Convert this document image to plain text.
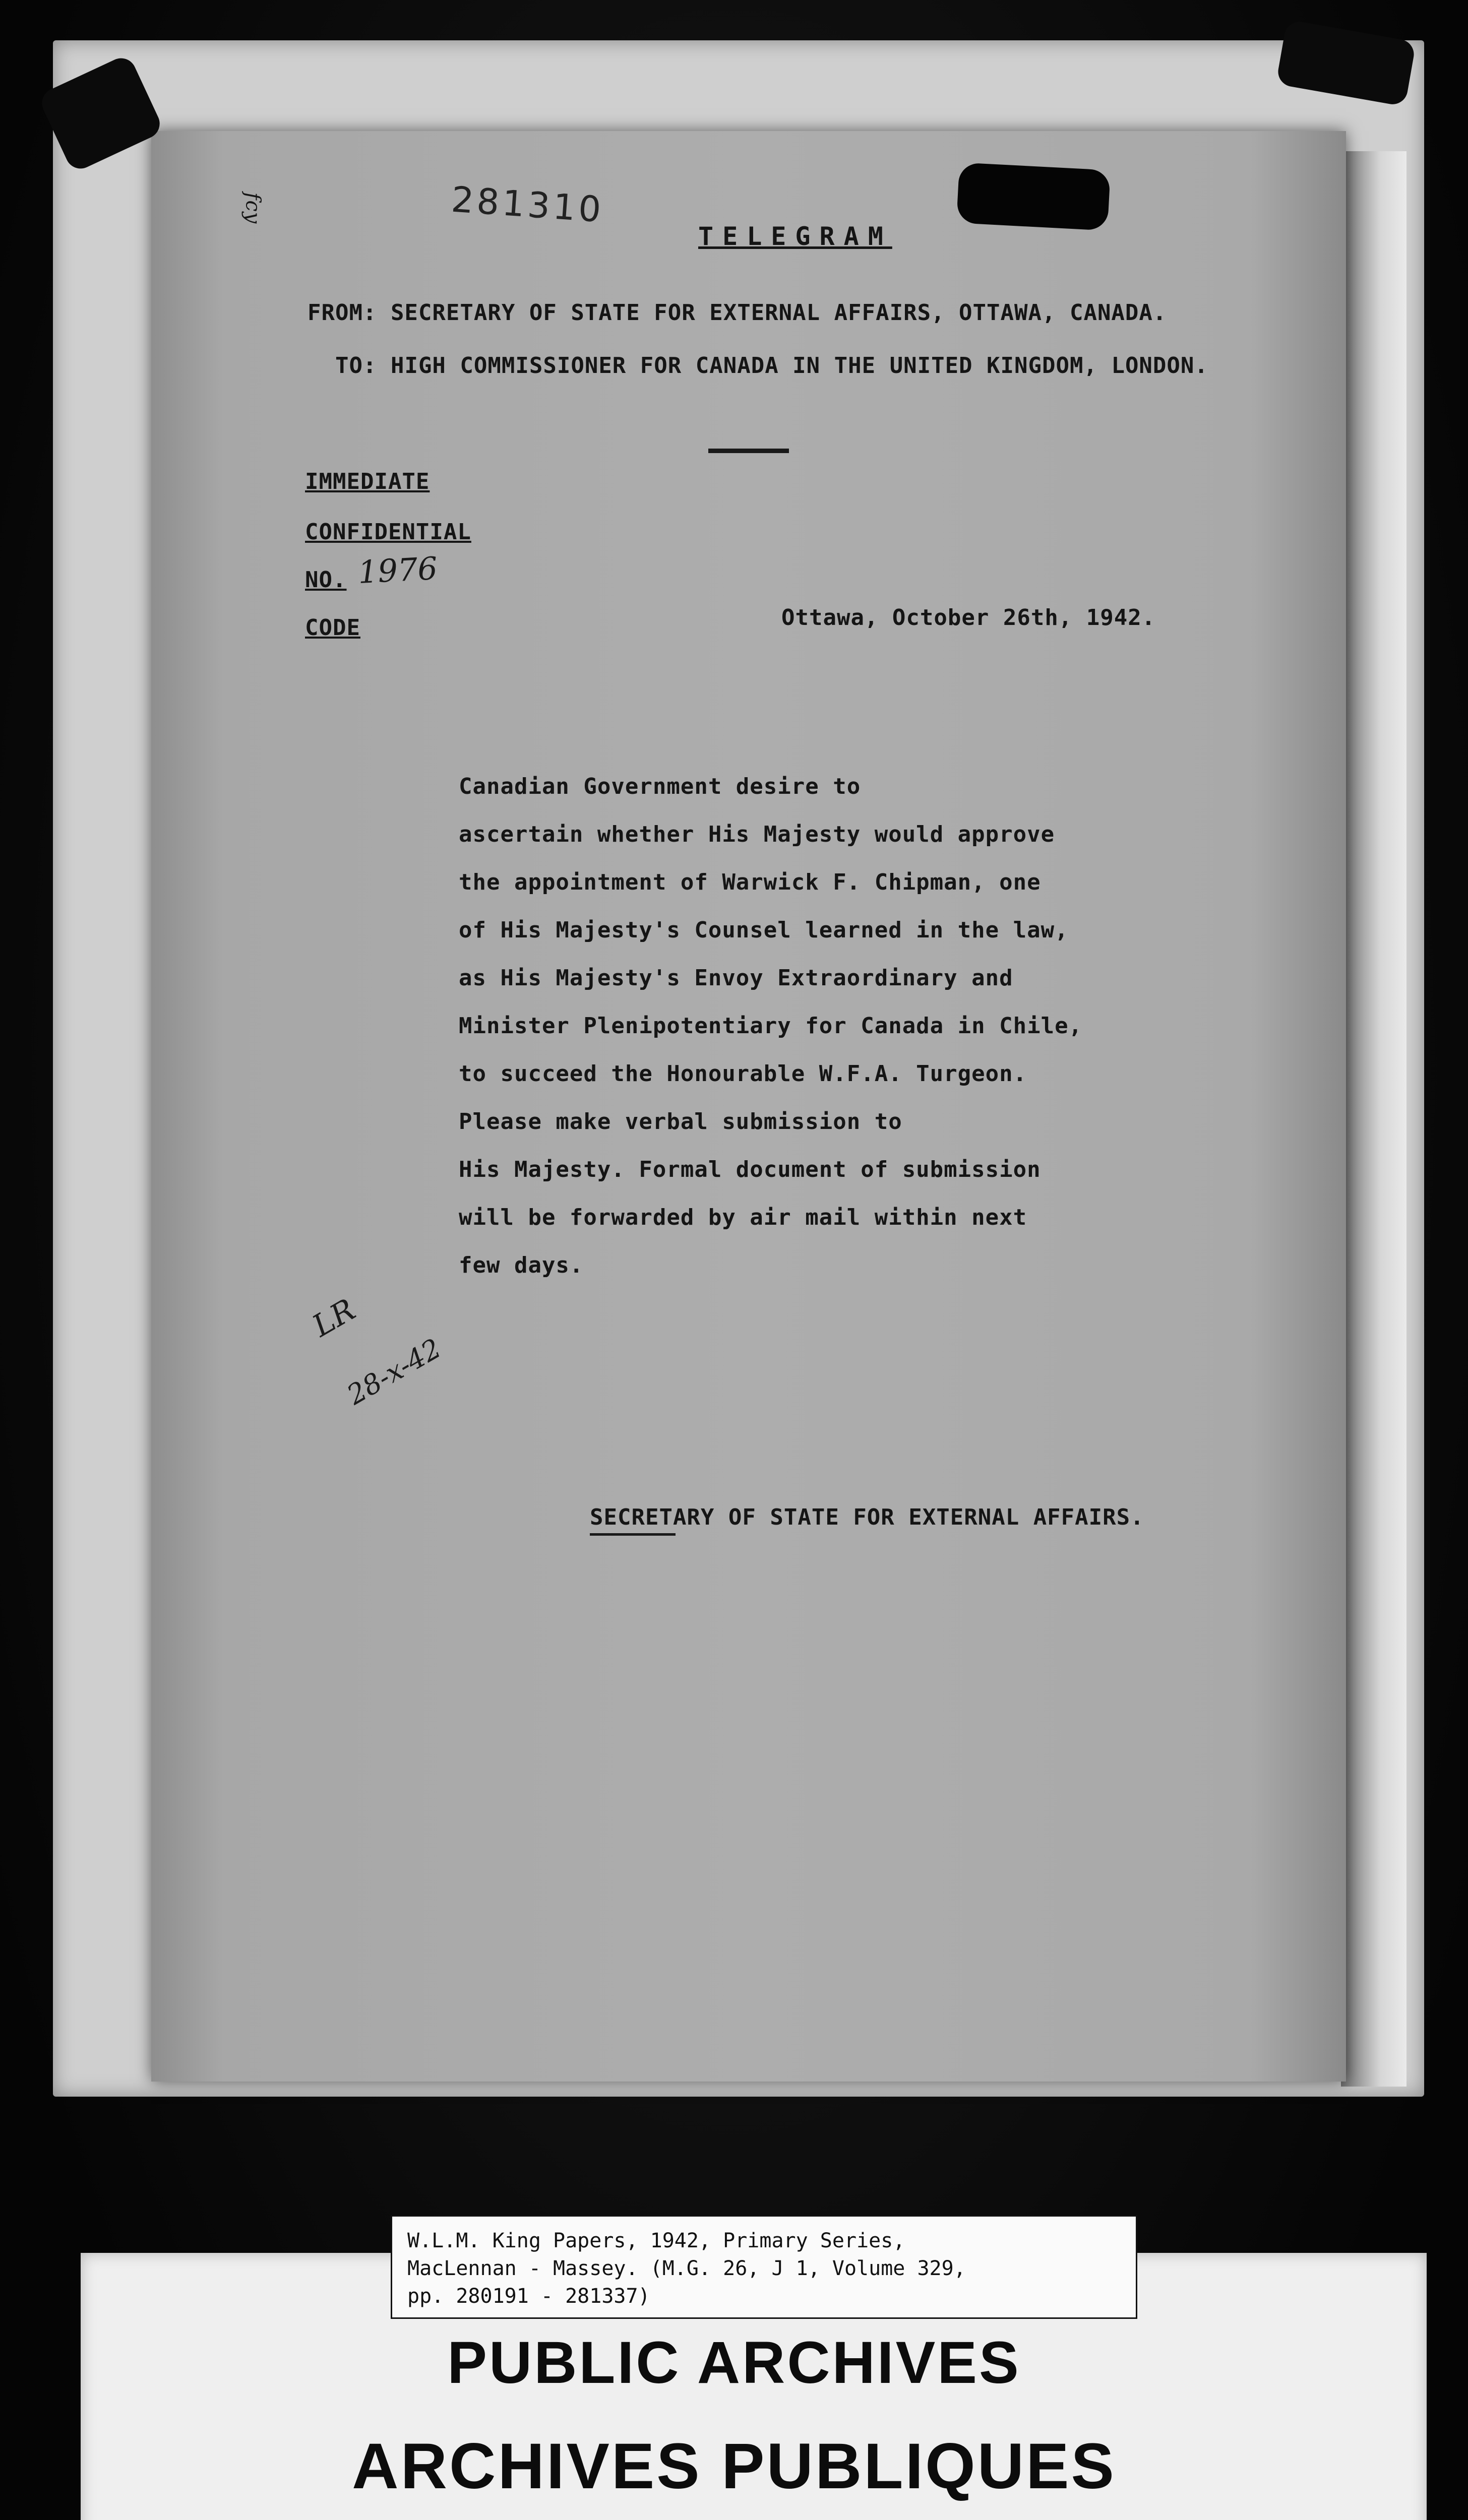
fcy	281310
TELEGRAM
FROM: SECRETARY OF STATE FOR EXTERNAL AFFAIRS, OTTAWA, CANADA.
TO: HIGH COMMISSIONER FOR CANADA IN THE UNITED KINGDOM, LONDON.
IMMEDIATE
CONFIDENTIAL
NO. 1976
CODE	Ottawa, October 26th, 1942.
Canadian Government desire to
ascertain whether His Majesty would approve
the appointment of Warwick F. Chipman, one
of His Majesty's Counsel learned in the law,
as His Majesty's Envoy Extraordinary and
Minister Plenipotentiary for Canada in Chile,
to succeed the Honourable W.F.A. Turgeon.
Please make verbal submission to
His Majesty. Formal document of submission
will be forwarded by air mail within next
few days.
LR
28-x-42
SECRETARY OF STATE FOR EXTERNAL AFFAIRS.
W.L.M. King Papers, 1942, Primary Series,
MacLennan - Massey. (M.G. 26, J 1, Volume 329,
pp. 280191 - 281337)
PUBLIC ARCHIVES
ARCHIVES PUBLIQUES
